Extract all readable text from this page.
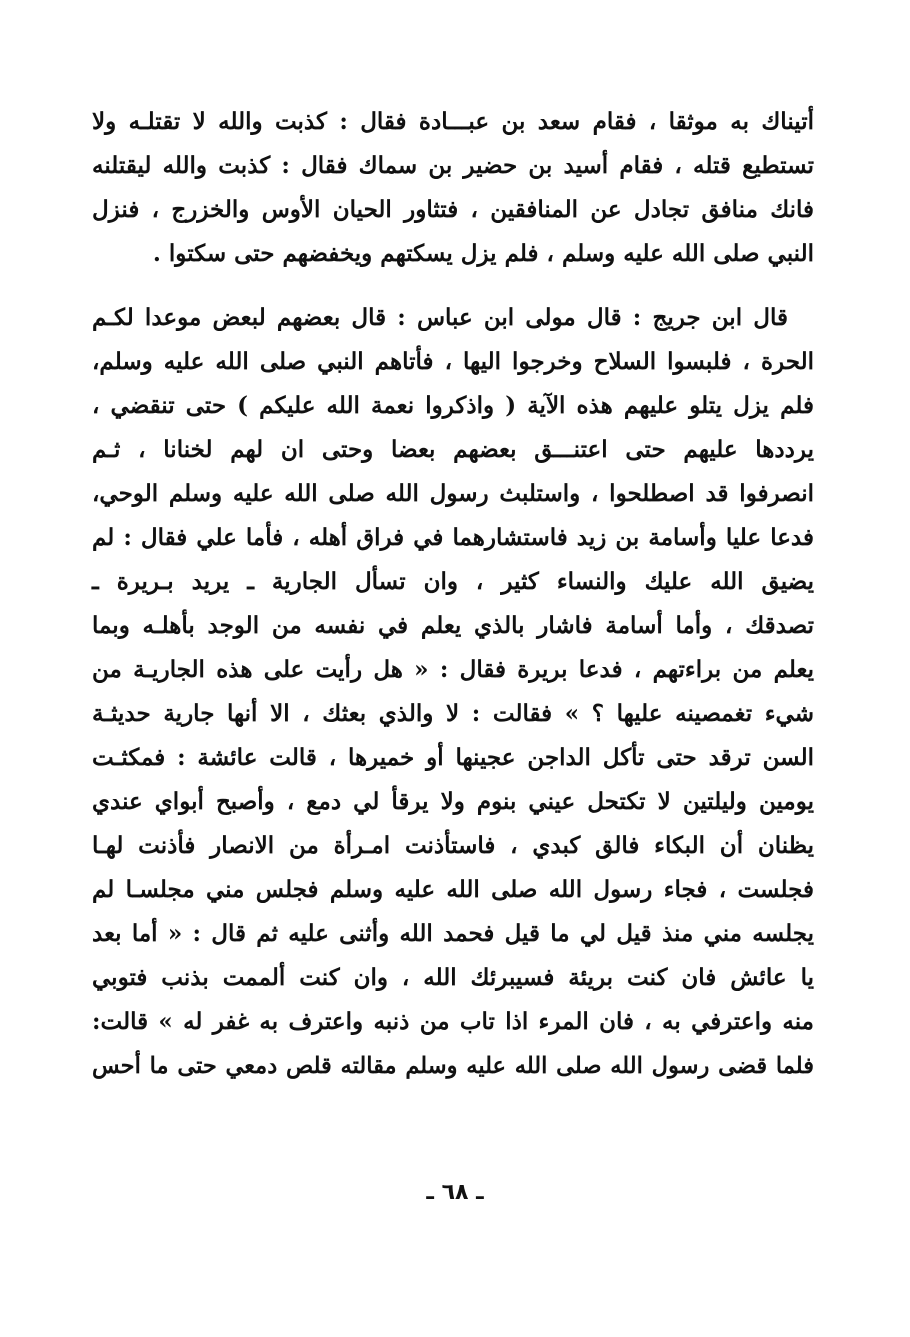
أتيناك به موثقا ، فقام سعد بن عبـــادة فقال : كذبت والله لا تقتلـه ولا
تستطيع قتله ، فقام أسيد بن حضير بن سماك فقال : كذبت والله ليقتلنه
فانك منافق تجادل عن المنافقين ، فتثاور الحيان الأوس والخزرج ، فنزل
النبي صلى الله عليه وسلم ، فلم يزل يسكتهم ويخفضهم حتى سكتوا .
قال ابن جريج : قال مولى ابن عباس : قال بعضهم لبعض موعدا لكـم
الحرة ، فلبسوا السلاح وخرجوا اليها ، فأتاهم النبي صلى الله عليه وسلم،
فلم يزل يتلو عليهم هذه الآية ( واذكروا نعمة الله عليكم ) حتى تنقضي ،
يرددها عليهم حتى اعتنـــق بعضهم بعضا وحتى ان لهم لخنانا ، ثـم
انصرفوا قد اصطلحوا ، واستلبث رسول الله صلى الله عليه وسلم الوحي،
فدعا عليا وأسامة بن زيد فاستشارهما في فراق أهله ، فأما علي فقال : لم
يضيق الله عليك والنساء كثير ، وان تسأل الجارية ـ يريد بـريرة ـ
تصدقك ، وأما أسامة فاشار بالذي يعلم في نفسه من الوجد بأهلـه وبما
يعلم من براءتهم ، فدعا بريرة فقال : « هل رأيت على هذه الجاريـة من
شيء تغمصينه عليها ؟ » فقالت : لا والذي بعثك ، الا أنها جارية حديثـة
السن ترقد حتى تأكل الداجن عجينها أو خميرها ، قالت عائشة : فمكثـت
يومين وليلتين لا تكتحل عيني بنوم ولا يرقأ لي دمع ، وأصبح أبواي عندي
يظنان أن البكاء فالق كبدي ، فاستأذنت امـرأة من الانصار فأذنت لهـا
فجلست ، فجاء رسول الله صلى الله عليه وسلم فجلس مني مجلسـا لم
يجلسه مني منذ قيل لي ما قيل فحمد الله وأثنى عليه ثم قال : « أما بعد
يا عائش فان كنت بريئة فسيبرئك الله ، وان كنت ألممت بذنب فتوبي
منه واعترفي به ، فان المرء اذا تاب من ذنبه واعترف به غفر له » قالت:
فلما قضى رسول الله صلى الله عليه وسلم مقالته قلص دمعي حتى ما أحس
ـ ٦٨ ـ
